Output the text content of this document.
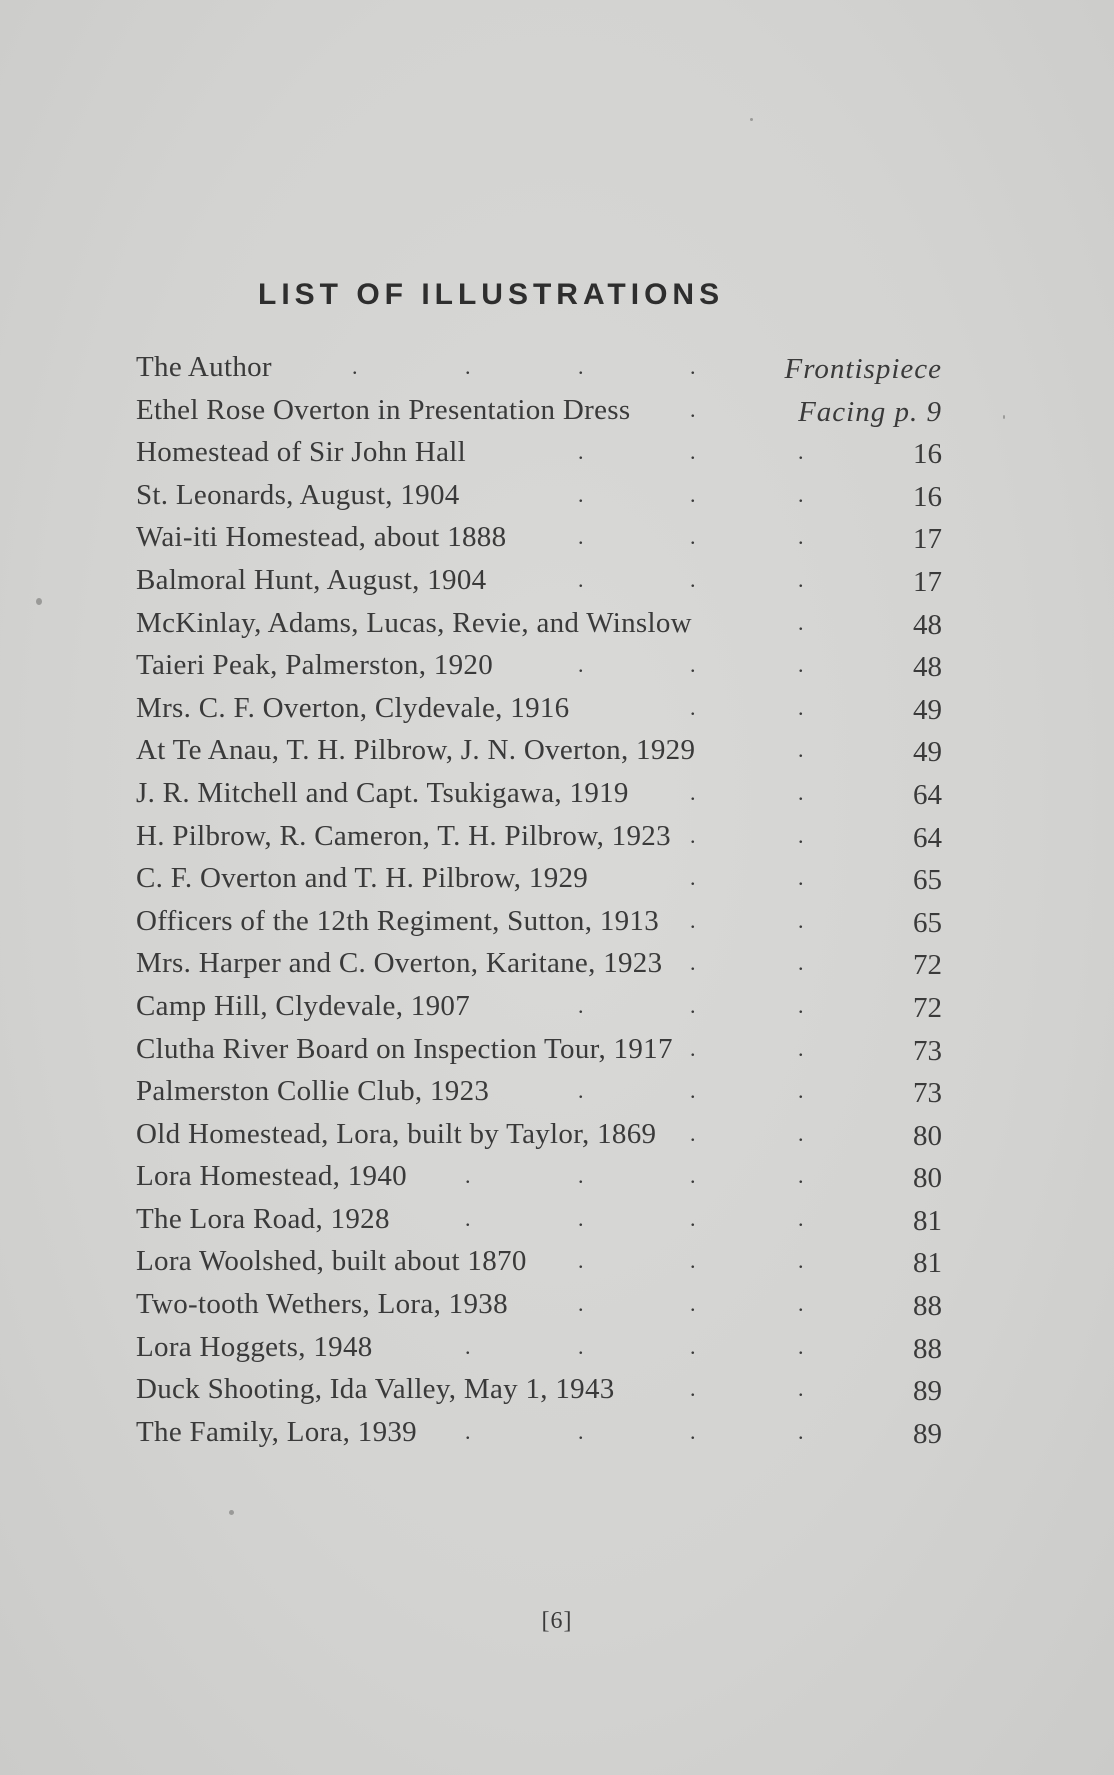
LIST OF ILLUSTRATIONS
The Author	Frontispiece
.	.	.	.
Ethel Rose Overton in Presentation Dress	Facing p. 9
.
Homestead of Sir John Hall	16
.	.	.
St. Leonards, August, 1904	16
.	.	.
Wai-iti Homestead, about 1888	17
.	.	.
Balmoral Hunt, August, 1904	17
.	.	.
McKinlay, Adams, Lucas, Revie, and Winslow	48
.
Taieri Peak, Palmerston, 1920	48
.	.	.
Mrs. C. F. Overton, Clydevale, 1916	49
.	.
At Te Anau, T. H. Pilbrow, J. N. Overton, 1929	49
.
J. R. Mitchell and Capt. Tsukigawa, 1919	64
.	.
H. Pilbrow, R. Cameron, T. H. Pilbrow, 1923	64
.	.
C. F. Overton and T. H. Pilbrow, 1929	65
.	.
Officers of the 12th Regiment, Sutton, 1913	65
.	.
Mrs. Harper and C. Overton, Karitane, 1923	72
.	.
Camp Hill, Clydevale, 1907	72
.	.	.
Clutha River Board on Inspection Tour, 1917	73
.	.
Palmerston Collie Club, 1923	73
.	.	.
Old Homestead, Lora, built by Taylor, 1869	80
.	.
Lora Homestead, 1940	80
.	.	.	.
The Lora Road, 1928	81
.	.	.	.
Lora Woolshed, built about 1870	81
.	.	.
Two-tooth Wethers, Lora, 1938	88
.	.	.
Lora Hoggets, 1948	88
.	.	.	.
Duck Shooting, Ida Valley, May 1, 1943	89
.	.
The Family, Lora, 1939	89
.	.	.	.
[6]
